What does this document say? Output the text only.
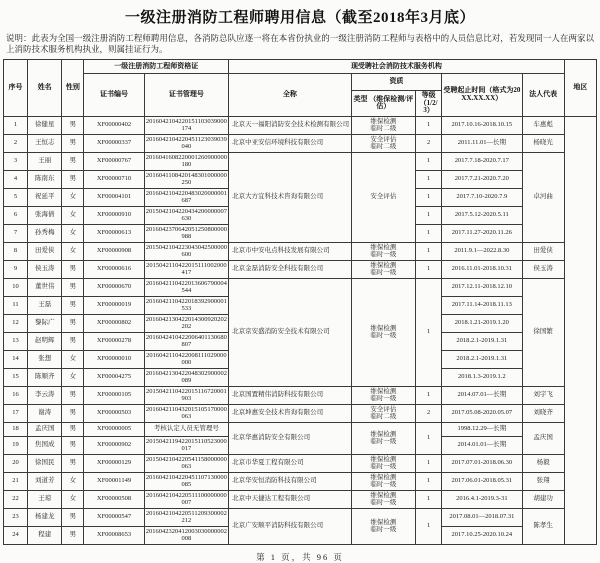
一级注册消防工程师聘用信息（截至2018年3月底）
说明：此表为全国一级注册消防工程师聘用信息，各消防总队应逐一将在本省份执业的一级注册消防工程师与表格中的人员信息比对，若发现同一人在两家以上消防技术服务机构执业，则属挂证行为。
序号	姓名	性别	一级注册消防工程师资格证		现受聘社会消防技术服务机构					地区
			证书编号	证书管理号	全称	资质		受聘起止时间（格式为20XX.XX.XX）	法人代表	
						类型 （维保检测/评估）	等级 （1/2/3）			
1	徐健星	男	XF00000402	2016042104220151103039000174	北京天一福阳消防安全技术检测有限公司	维保检测
临时二级	1	2017.10.16-2018.10.15	车惠彪	
2	王恒志	男	XF00000337	2016042104220451123039039040	北京中亚安信环境科技有限公司	安全评估
临时二级	2	2011.11.01—长期	杨晓光	
3	王丽	男	XF00000767	2016041608220001260900000180	北京大方宜科技术咨询有限公司	安全评估	1	2017.7.18-2020.7.17	卓河曲	
4	陈南东	男	XF00000710	2016041108420148301000000250			1	2017.7.21-2020.7.20		
5	祝延平	女	XF00004101	2016042104220483020000001687			1	2017.7.10-2020.7.9		
6	张海倩	女	XF00000910	2015042104220434200000007630			1	2017.5.12-2020.5.11		
7	孙秀梅	女	XF00000613	2016042370642051250800000988			1	2017.11.27-2020.11.26		
8	田爱侠	女	XF00000908	2015042104223043042500000600	北京市中安电点科技发展有限公司	维保检测
临时一级	1	2011.9.1—2022.8.30	田爱侠	
9	侯玉涛	男	XF00000616	2015042110422015111002000417	北京金磊消防安全科技有限公司	维保检测
临时一级	1	2016.11.01-2018.10.31	侯玉涛	
10	董世伟	男	XF00000670	2016042110422013606790004544	北京京安盛消防安全技术有限公司	维保检测
临时一级	1	2017.12.11-2018.12.10	徐国繁	
11	王磊	男	XF00000019	2016042110422018392900001533				2017.11.14-2018.11.13		
12	黎际广	男	XF00000802	2016042130422014300920202202				2018.1.21-2019.1.20		
13	赵明辉	男	XF00000278	2016042410422006401130680807				2018.2.1-2019.1.31		
14	张想	女	XF00000010	2016042110422008111029000000				2018.2.1-2019.1.31		
15	陈顺齐	女	XF00004275	2016042130422048302900002089				2018.1.3-2019.1.2		
16	李云涛	男	XF00000105	2015042110422015116720001903	北京国置精伟消防科技有限公司	维保检测
临时一级	1	2014.07.01—长期	刘宇飞	
17	谢涛	男	XF00000503	2016042110432015105170000063	北京坤惠安全技术咨询有限公司	安全评估
临时二级	2	2017.05.08-2020.05.07	刘晓齐	
18	孟庆国	男	XF00000005	考核认定人员无管理号	北京华惠消防安全有限公司	维保检测
临时一级	1	1998.12.29—长期	孟庆国	
19	焦国成	男	XF00000902	2015042119422015110523000017				2014.01.01—长期		
20	徐国民	男	XF00000129	2015042104220541158000000063	北京市华夏工程有限公司	维保检测
临时一级	1	2017.07.01-2018.06.30	杨毅	
21	刘道芳	女	XF00001149	2016042104220451107130000085	北京华安恒消防科技有限公司	维保检测
临时一级	1	2017.06.01-2018.05.31	张翔	
22	王琼	女	XF00000508	2016042104220511100000000007	北京中天捷达工程有限公司	维保检测
临时一级	1	2016.4.1-2019.3-31	胡建功	
23	杨建龙	男	XF00000547	2016042104220511209300002212	北京广安顺平消防科技有限公司	维保检测
临时一级	1	2017.08.01—2018.07.31	陈孝生	
24	程建	男	XF00008653	2016042320412003030000002008				2017.10.25-2020.10.24		
第 1 页，共 96 页
